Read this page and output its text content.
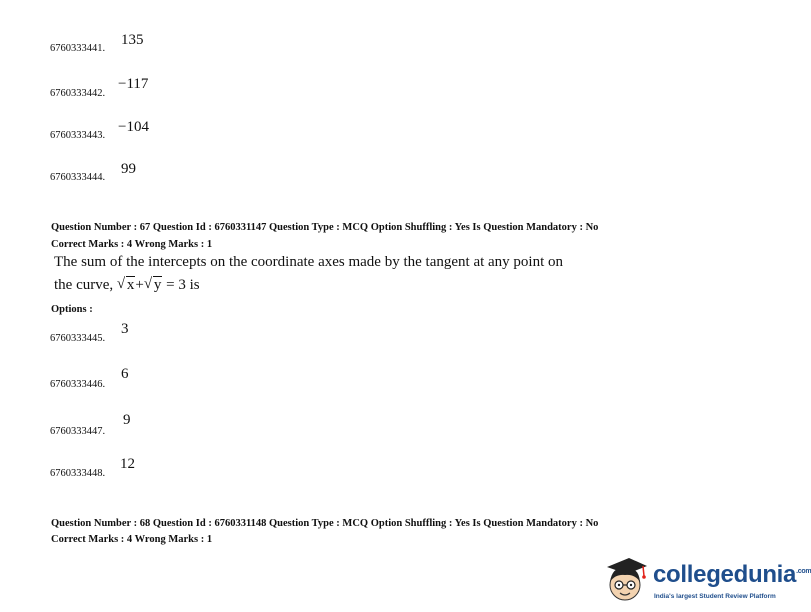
6760333441.
135
6760333442.
−117
6760333443.
−104
6760333444.
99
Question Number : 67 Question Id : 6760331147 Question Type : MCQ Option Shuffling : Yes Is Question Mandatory : No
Correct Marks : 4 Wrong Marks : 1
The sum of the intercepts on the coordinate axes made by the tangent at any point on
the curve, √ x+ √ y = 3 is
Options :
6760333445.
3
6760333446.
6
6760333447.
9
6760333448.
12
Question Number : 68 Question Id : 6760331148 Question Type : MCQ Option Shuffling : Yes Is Question Mandatory : No
Correct Marks : 4 Wrong Marks : 1
collegedunia$^{.com}$
India's largest Student Review Platform
